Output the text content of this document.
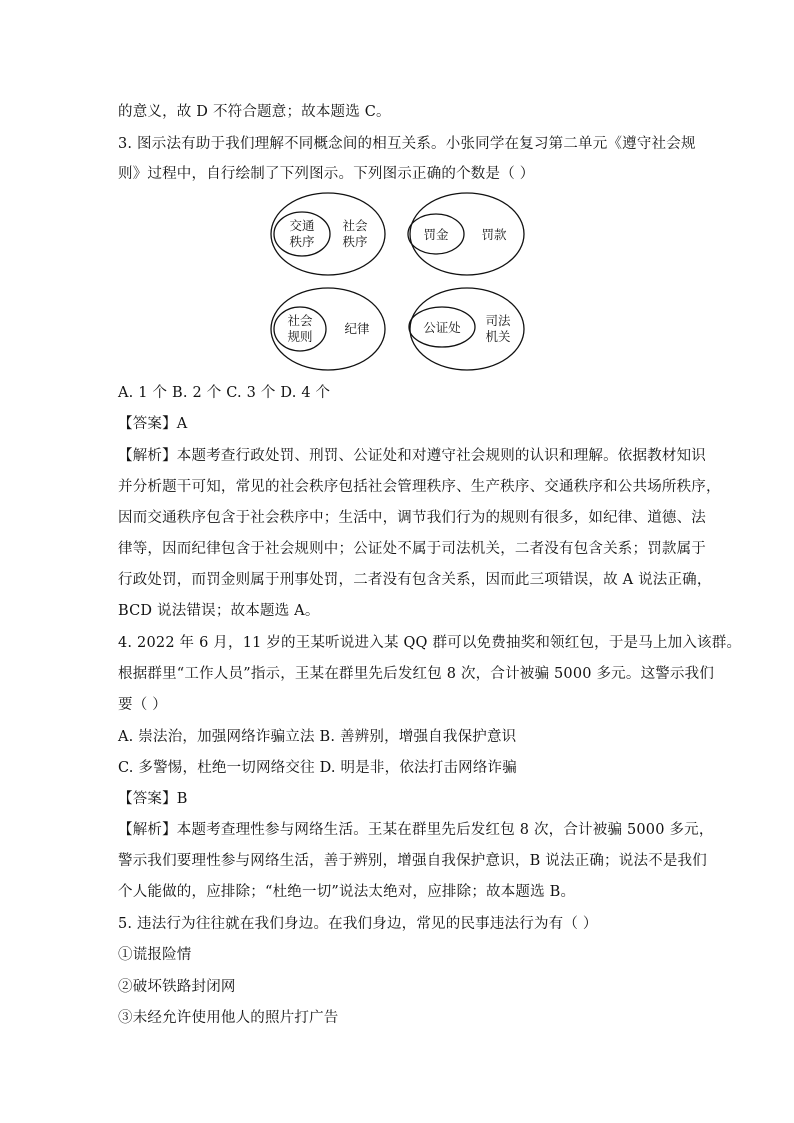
的意义，故 D 不符合题意；故本题选 C。
3. 图示法有助于我们理解不同概念间的相互关系。小张同学在复习第二单元《遵守社会规
则》过程中，自行绘制了下列图示。下列图示正确的个数是（ ）
交通
秩序
社会
秩序	罚金	罚款
社会
规则
纪律	公证处 司法
机关
A. 1 个 B. 2 个 C. 3 个 D. 4 个
【答案】A
【解析】本题考查行政处罚、刑罚、公证处和对遵守社会规则的认识和理解。依据教材知识
并分析题干可知，常见的社会秩序包括社会管理秩序、生产秩序、交通秩序和公共场所秩序，
因而交通秩序包含于社会秩序中；生活中，调节我们行为的规则有很多，如纪律、道德、法
律等，因而纪律包含于社会规则中；公证处不属于司法机关，二者没有包含关系；罚款属于
行政处罚，而罚金则属于刑事处罚，二者没有包含关系，因而此三项错误，故 A 说法正确，
BCD 说法错误；故本题选 A。
4. 2022 年 6 月，11 岁的王某听说进入某 QQ 群可以免费抽奖和领红包，于是马上加入该群。
根据群里“工作人员”指示，王某在群里先后发红包 8 次，合计被骗 5000 多元。这警示我们
要（ ）
A. 崇法治，加强网络诈骗立法 B. 善辨别，增强自我保护意识
C. 多警惕，杜绝一切网络交往 D. 明是非，依法打击网络诈骗
【答案】B
【解析】本题考查理性参与网络生活。王某在群里先后发红包 8 次，合计被骗 5000 多元，
警示我们要理性参与网络生活，善于辨别，增强自我保护意识，B 说法正确；说法不是我们
个人能做的，应排除；“杜绝一切”说法太绝对，应排除；故本题选 B。
5. 违法行为往往就在我们身边。在我们身边，常见的民事违法行为有（ ）
①谎报险情
②破坏铁路封闭网
③未经允许使用他人的照片打广告
